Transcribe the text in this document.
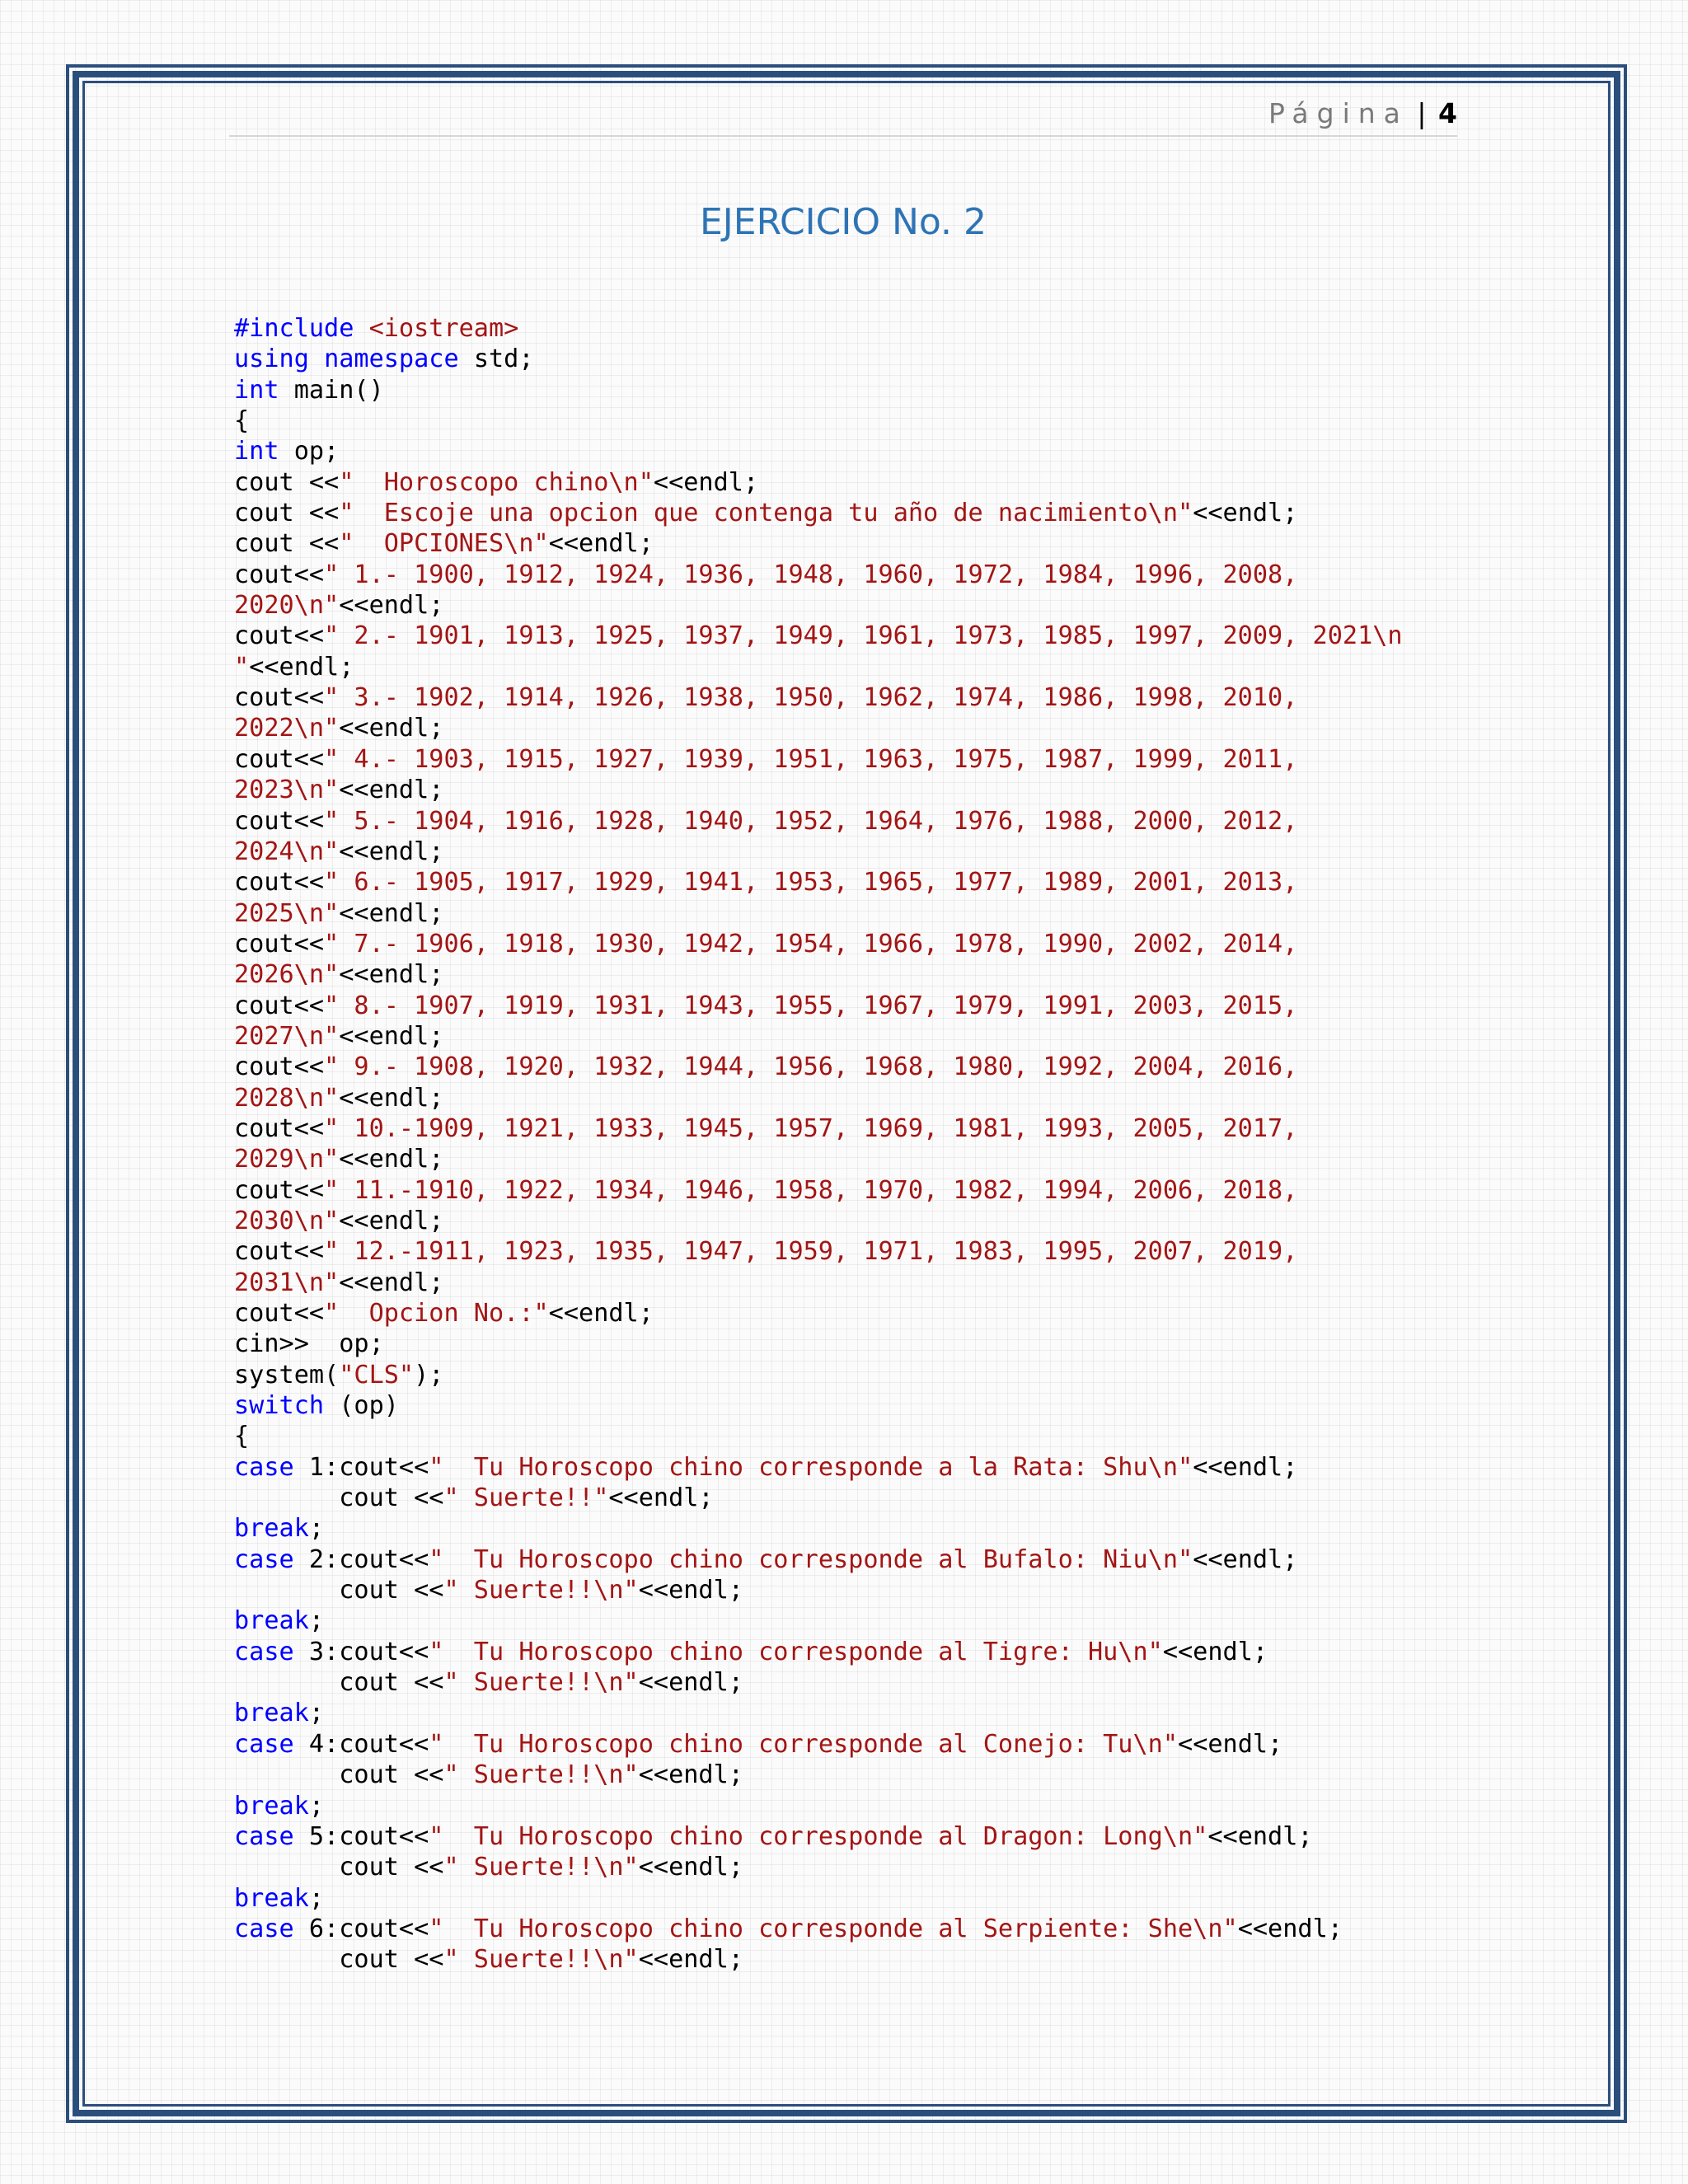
Página | 4
EJERCICIO No. 2
#include <iostream>
using namespace std;
int main()
{
int op;
cout <<"  Horoscopo chino\n"<<endl;
cout <<"  Escoje una opcion que contenga tu año de nacimiento\n"<<endl;
cout <<"  OPCIONES\n"<<endl;
cout<<" 1.- 1900, 1912, 1924, 1936, 1948, 1960, 1972, 1984, 1996, 2008,
2020\n"<<endl;
cout<<" 2.- 1901, 1913, 1925, 1937, 1949, 1961, 1973, 1985, 1997, 2009, 2021\n
"<<endl;
cout<<" 3.- 1902, 1914, 1926, 1938, 1950, 1962, 1974, 1986, 1998, 2010,
2022\n"<<endl;
cout<<" 4.- 1903, 1915, 1927, 1939, 1951, 1963, 1975, 1987, 1999, 2011,
2023\n"<<endl;
cout<<" 5.- 1904, 1916, 1928, 1940, 1952, 1964, 1976, 1988, 2000, 2012,
2024\n"<<endl;
cout<<" 6.- 1905, 1917, 1929, 1941, 1953, 1965, 1977, 1989, 2001, 2013,
2025\n"<<endl;
cout<<" 7.- 1906, 1918, 1930, 1942, 1954, 1966, 1978, 1990, 2002, 2014,
2026\n"<<endl;
cout<<" 8.- 1907, 1919, 1931, 1943, 1955, 1967, 1979, 1991, 2003, 2015,
2027\n"<<endl;
cout<<" 9.- 1908, 1920, 1932, 1944, 1956, 1968, 1980, 1992, 2004, 2016,
2028\n"<<endl;
cout<<" 10.-1909, 1921, 1933, 1945, 1957, 1969, 1981, 1993, 2005, 2017,
2029\n"<<endl;
cout<<" 11.-1910, 1922, 1934, 1946, 1958, 1970, 1982, 1994, 2006, 2018,
2030\n"<<endl;
cout<<" 12.-1911, 1923, 1935, 1947, 1959, 1971, 1983, 1995, 2007, 2019,
2031\n"<<endl;
cout<<"  Opcion No.:"<<endl;
cin>>  op;
system("CLS");
switch (op)
{
case 1:cout<<"  Tu Horoscopo chino corresponde a la Rata: Shu\n"<<endl;
cout <<" Suerte!!"<<endl;
break;
case 2:cout<<"  Tu Horoscopo chino corresponde al Bufalo: Niu\n"<<endl;
cout <<" Suerte!!\n"<<endl;
break;
case 3:cout<<"  Tu Horoscopo chino corresponde al Tigre: Hu\n"<<endl;
cout <<" Suerte!!\n"<<endl;
break;
case 4:cout<<"  Tu Horoscopo chino corresponde al Conejo: Tu\n"<<endl;
cout <<" Suerte!!\n"<<endl;
break;
case 5:cout<<"  Tu Horoscopo chino corresponde al Dragon: Long\n"<<endl;
cout <<" Suerte!!\n"<<endl;
break;
case 6:cout<<"  Tu Horoscopo chino corresponde al Serpiente: She\n"<<endl;
cout <<" Suerte!!\n"<<endl;
